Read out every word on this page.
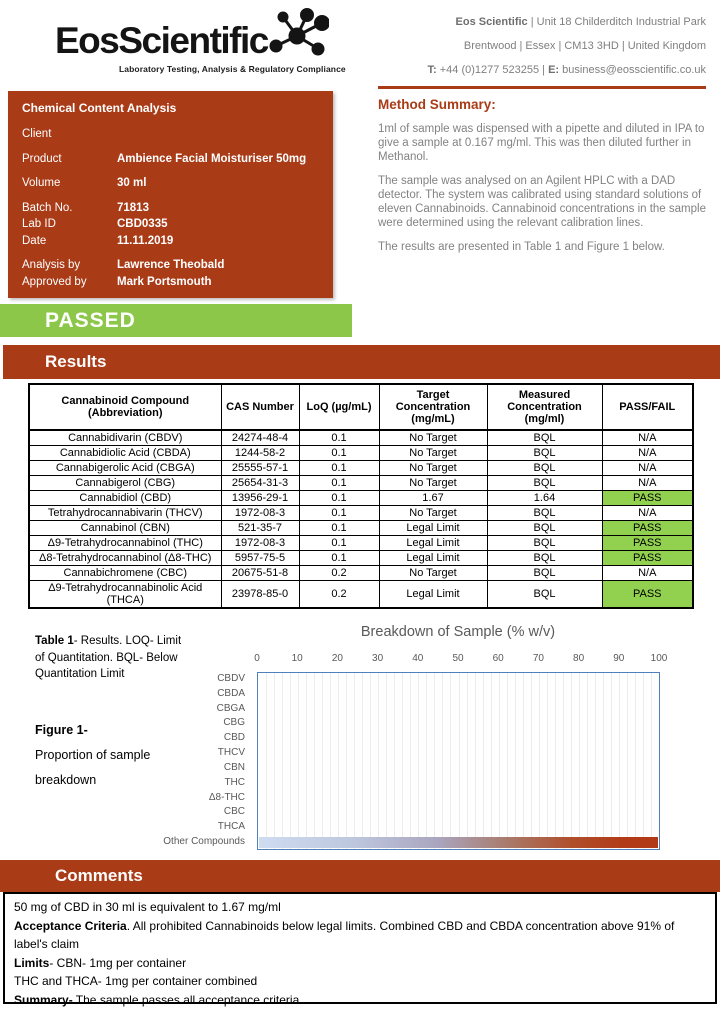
EosScientific
Laboratory Testing, Analysis & Regulatory Compliance
Eos Scientific | Unit 18 Childerditch Industrial Park
Brentwood | Essex | CM13 3HD | United Kingdom
T: +44 (0)1277 523255 | E: business@eosscientific.co.uk
Chemical Content Analysis
Client
Product	Ambience Facial Moisturiser 50mg
Volume	30 ml
Batch No.	71813
Lab ID	CBD0335
Date	11.11.2019
Analysis by	Lawrence Theobald
Approved by	Mark Portsmouth
Method Summary:

1ml of sample was dispensed with a pipette and diluted in IPA to give a sample at 0.167 mg/ml. This was then diluted further in Methanol.

The sample was analysed on an Agilent HPLC with a DAD detector. The system was calibrated using standard solutions of eleven Cannabinoids. Cannabinoid concentrations in the sample were determined using the relevant calibration lines.

The results are presented in Table 1 and Figure 1 below.

PASSED
Results
Cannabinoid Compound (Abbreviation)	CAS Number	LoQ (µg/mL)	Target Concentration (mg/mL)	Measured Concentration (mg/ml)	PASS/FAIL
Cannabidivarin (CBDV)	24274-48-4	0.1	No Target	BQL	N/A
Cannabidiolic Acid (CBDA)	1244-58-2	0.1	No Target	BQL	N/A
Cannabigerolic Acid (CBGA)	25555-57-1	0.1	No Target	BQL	N/A
Cannabigerol (CBG)	25654-31-3	0.1	No Target	BQL	N/A
Cannabidiol (CBD)	13956-29-1	0.1	1.67	1.64	PASS
Tetrahydrocannabivarin (THCV)	1972-08-3	0.1	No Target	BQL	N/A
Cannabinol (CBN)	521-35-7	0.1	Legal Limit	BQL	PASS
Δ9-Tetrahydrocannabinol (THC)	1972-08-3	0.1	Legal Limit	BQL	PASS
Δ8-Tetrahydrocannabinol (Δ8-THC)	5957-75-5	0.1	Legal Limit	BQL	PASS
Cannabichromene (CBC)	20675-51-8	0.2	No Target	BQL	N/A
Δ9-Tetrahydrocannabinolic Acid (THCA)	23978-85-0	0.2	Legal Limit	BQL	PASS
Table 1- Results. LOQ- Limit of Quantitation. BQL- Below Quantitation Limit
Figure 1-
Proportion of sample breakdown
Breakdown of Sample (% w/v)
0	10	20	30	40	50	60	70	80	90	100
CBDV
CBDA
CBGA
CBG
CBD
THCV
CBN
THC
Δ8-THC
CBC
THCA
Other Compounds
Comments
50 mg of CBD in 30 ml is equivalent to 1.67 mg/ml
Acceptance Criteria. All prohibited Cannabinoids below legal limits. Combined CBD and CBDA concentration above 91% of label's claim
Limits- CBN- 1mg per container
THC and THCA- 1mg per container combined
Summary- The sample passes all acceptance criteria
